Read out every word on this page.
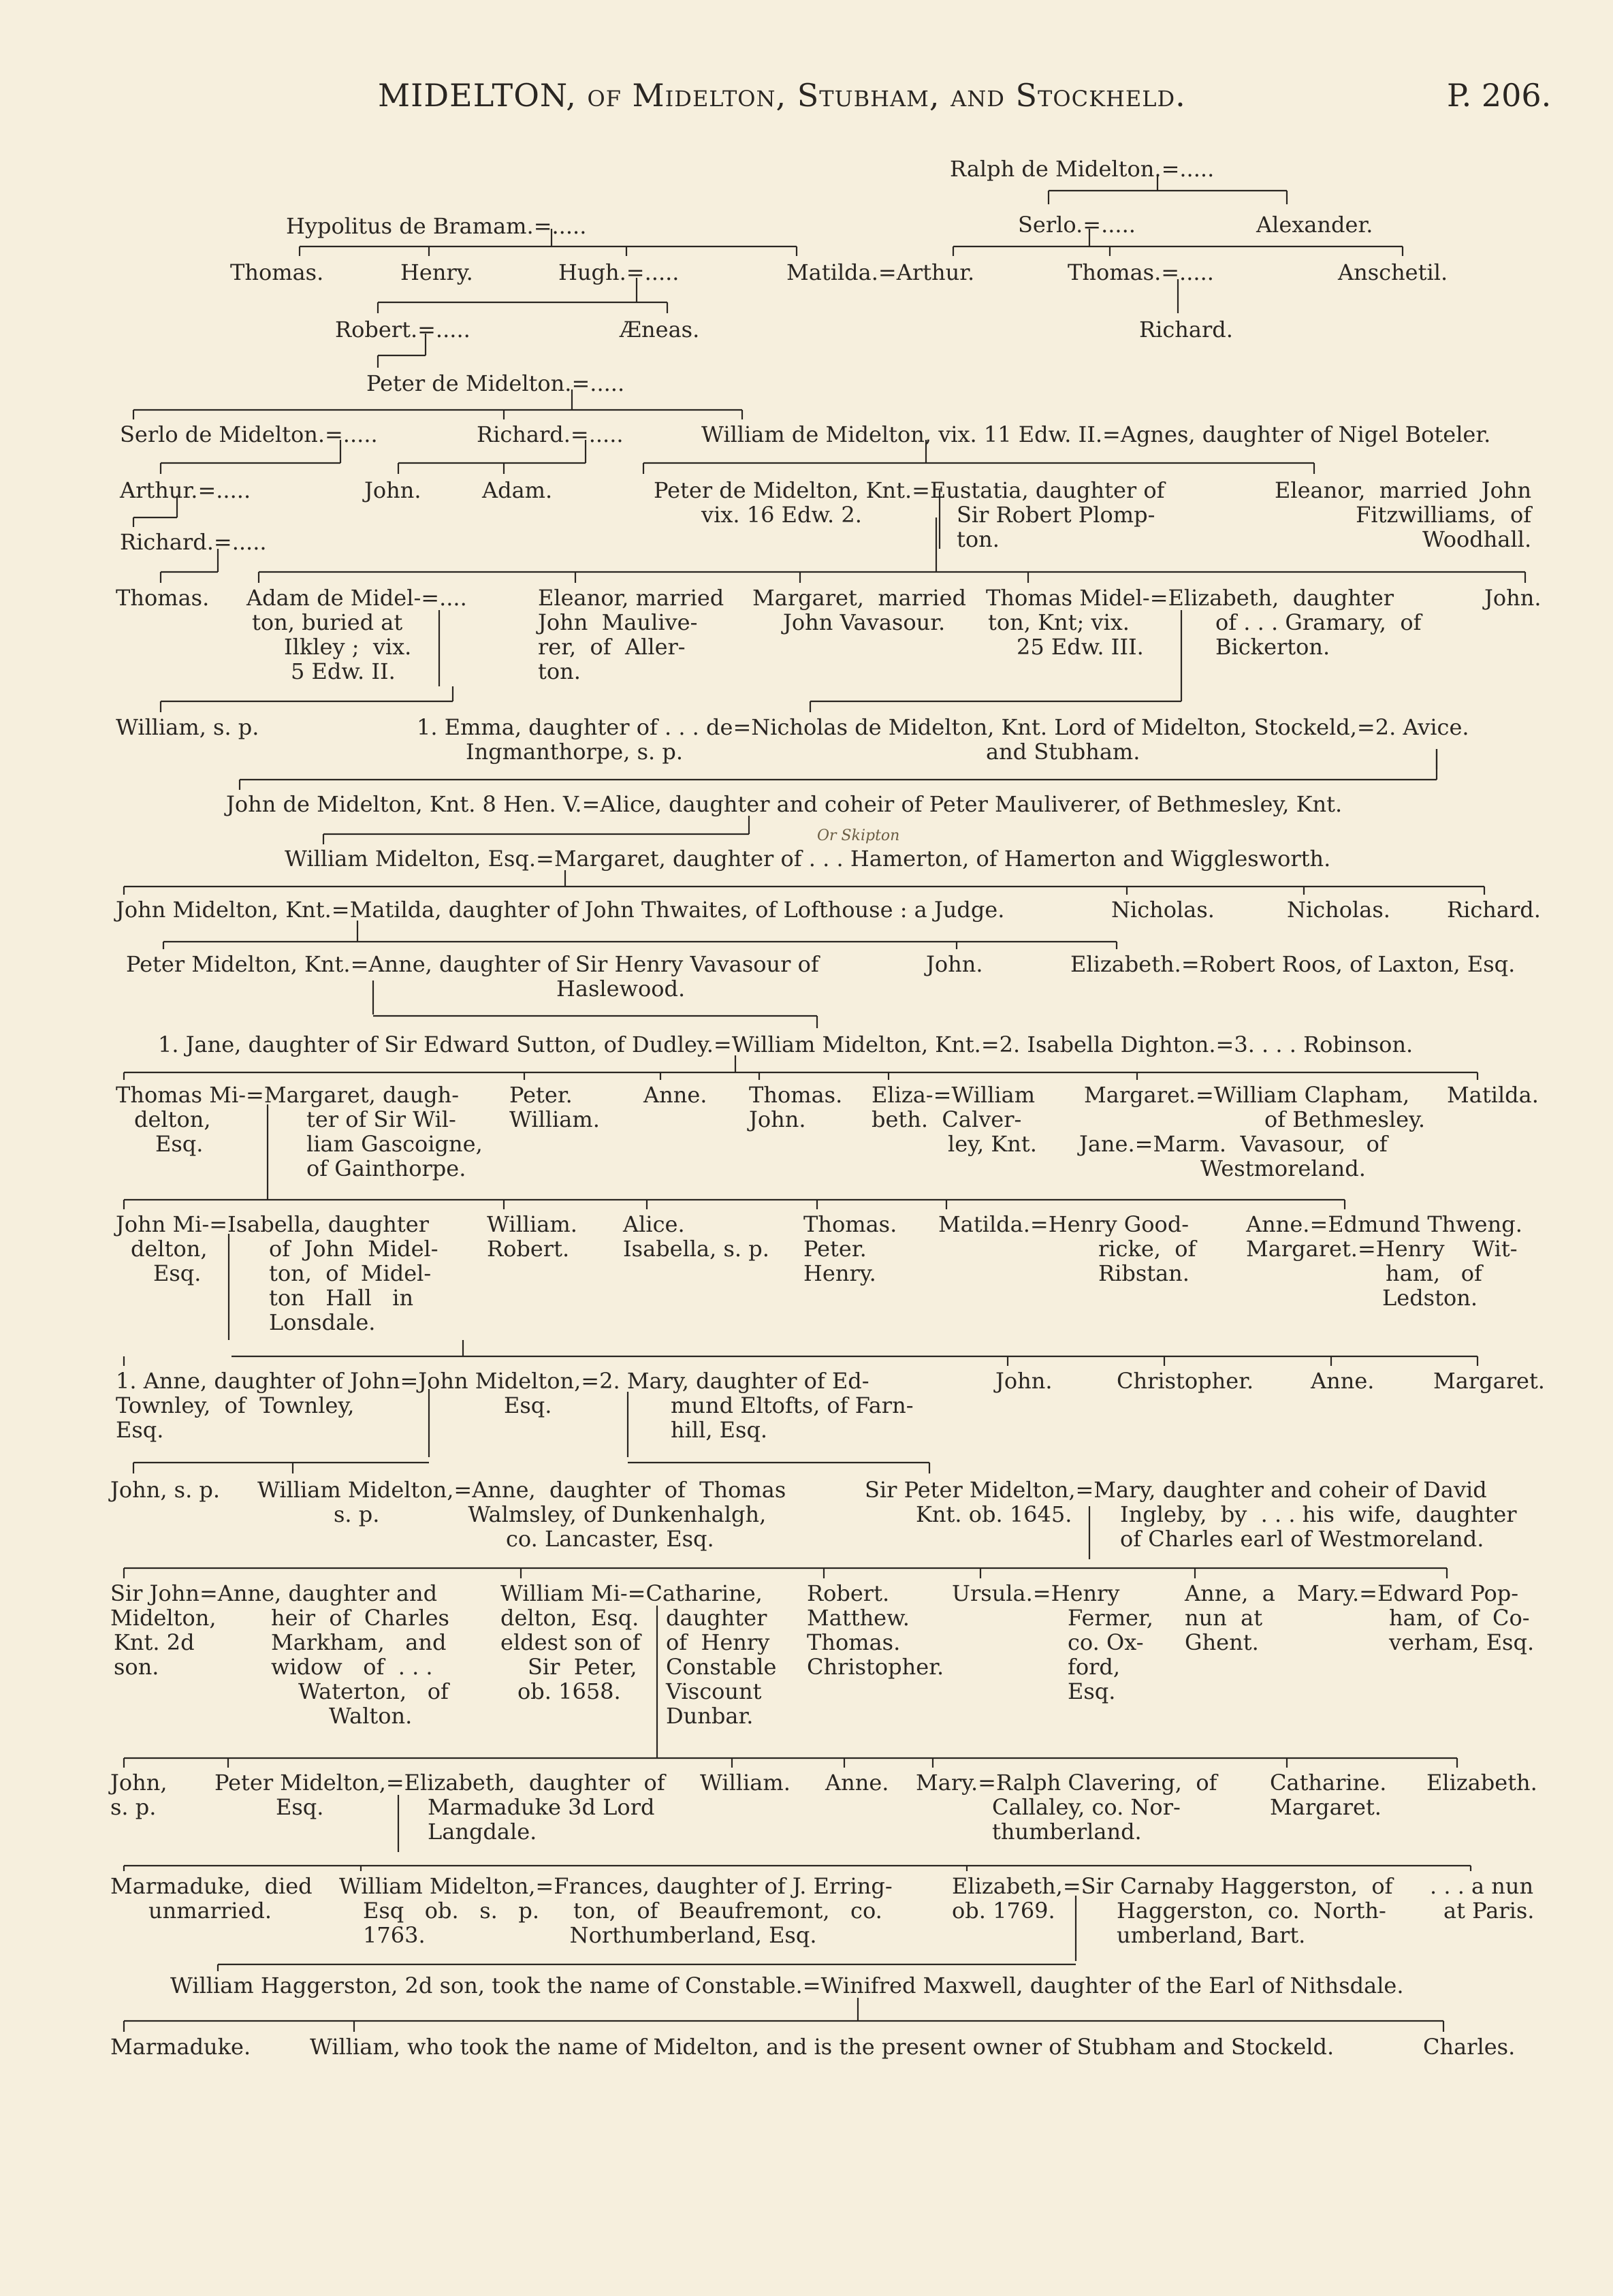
MIDELTON, of Midelton, Stubham, and Stockheld.	P. 206.
Ralph de Midelton.=.....
Hypolitus de Bramam.=.....	Serlo.=.....	Alexander.
Thomas.	Henry.	Hugh.=.....	Matilda.=Arthur.	Thomas.=.....	Anschetil.
Robert.=.....	Æneas.	Richard.
Peter de Midelton.=.....
Serlo de Midelton.=.....	Richard.=.....	William de Midelton, vix. 11 Edw. II.=Agnes, daughter of Nigel Boteler.
Arthur.=.....	John.	Adam.	Peter de Midelton, Knt.=Eustatia, daughter of
vix. 16 Edw. 2.	Sir Robert Plomp-
ton.
Eleanor,  married  John
Fitzwilliams,  of
Woodhall.
Richard.=.....
Thomas. Adam de Midel-=....
ton, buried at
Ilkley ;  vix.
5 Edw. II.
Eleanor, married
John  Maulive-
rer,  of  Aller-
ton.
Margaret,  married
John Vavasour.
Thomas Midel-=Elizabeth,  daughter
ton, Knt; vix.
25 Edw. III.
of . . . Gramary,  of
Bickerton.
John.
William, s. p.	1. Emma, daughter of . . . de=Nicholas de Midelton, Knt. Lord of Midelton, Stockeld,=2. Avice.
Ingmanthorpe, s. p.	and Stubham.
John de Midelton, Knt. 8 Hen. V.=Alice, daughter and coheir of Peter Mauliverer, of Bethmesley, Knt.
Or Skipton
William Midelton, Esq.=Margaret, daughter of . . . Hamerton, of Hamerton and Wigglesworth.
John Midelton, Knt.=Matilda, daughter of John Thwaites, of Lofthouse : a Judge.	Nicholas.	Nicholas.	Richard.
Peter Midelton, Knt.=Anne, daughter of Sir Henry Vavasour of
Haslewood.
John.	Elizabeth.=Robert Roos, of Laxton, Esq.
1. Jane, daughter of Sir Edward Sutton, of Dudley.=William Midelton, Knt.=2. Isabella Dighton.=3. . . . Robinson.
Thomas Mi-=Margaret, daugh-
delton,
Esq.
ter of Sir Wil-
liam Gascoigne,
of Gainthorpe.
Peter.
William.
Anne. Thomas.
John.
Eliza-=William
beth.  Calver-
ley, Knt.
Margaret.=William Clapham,
of Bethmesley.
Matilda.
Jane.=Marm.  Vavasour,   of
Westmoreland.
John Mi-=Isabella, daughter
delton,
Esq.
of  John  Midel-
ton,  of  Midel-
ton   Hall   in
Lonsdale.
William.
Robert.
Alice.
Isabella, s. p.
Thomas.
Peter.
Henry.
Matilda.=Henry Good-
ricke,  of
Ribstan.
Anne.=Edmund Thweng.
Margaret.=Henry    Wit-
ham,   of
Ledston.
1. Anne, daughter of John=John Midelton,=2. Mary, daughter of Ed-
Townley,  of  Townley,
Esq.
Esq.	mund Eltofts, of Farn-
hill, Esq.
John.	Christopher.	Anne.	Margaret.
John, s. p. William Midelton,=Anne,  daughter  of  Thomas
s. p.	Walmsley, of Dunkenhalgh,
co. Lancaster, Esq.
Sir Peter Midelton,=Mary, daughter and coheir of David
Knt. ob. 1645.	Ingleby,  by  . . . his  wife,  daughter
of Charles earl of Westmoreland.
Sir John=Anne, daughter and
Midelton,
Knt. 2d
son.
heir  of  Charles
Markham,   and
widow   of  . . .
Waterton,   of
Walton.
William Mi-=Catharine,
delton,  Esq.
eldest son of
Sir  Peter,
ob. 1658.
daughter
of  Henry
Constable
Viscount
Dunbar.
Robert.
Matthew.
Thomas.
Christopher.
Ursula.=Henry
Fermer,
co. Ox-
ford,
Esq.
Anne,  a
nun  at
Ghent.
Mary.=Edward Pop-
ham,  of  Co-
verham, Esq.
John,
s. p.
Peter Midelton,=Elizabeth,  daughter  of
Esq.	Marmaduke 3d Lord
Langdale.
William. Anne. Mary.=Ralph Clavering,  of
Callaley, co. Nor-
thumberland.
Catharine.
Margaret.
Elizabeth.
Marmaduke,  died
unmarried.
William Midelton,=Frances, daughter of J. Erring-
Esq   ob.   s.   p. ton,   of   Beaufremont,   co.
1763.	Northumberland, Esq.
Elizabeth,=Sir Carnaby Haggerston,  of
ob. 1769.	Haggerston,  co.  North-
umberland, Bart.
. . . a nun
at Paris.
William Haggerston, 2d son, took the name of Constable.=Winifred Maxwell, daughter of the Earl of Nithsdale.
Marmaduke.	William, who took the name of Midelton, and is the present owner of Stubham and Stockeld.	Charles.
